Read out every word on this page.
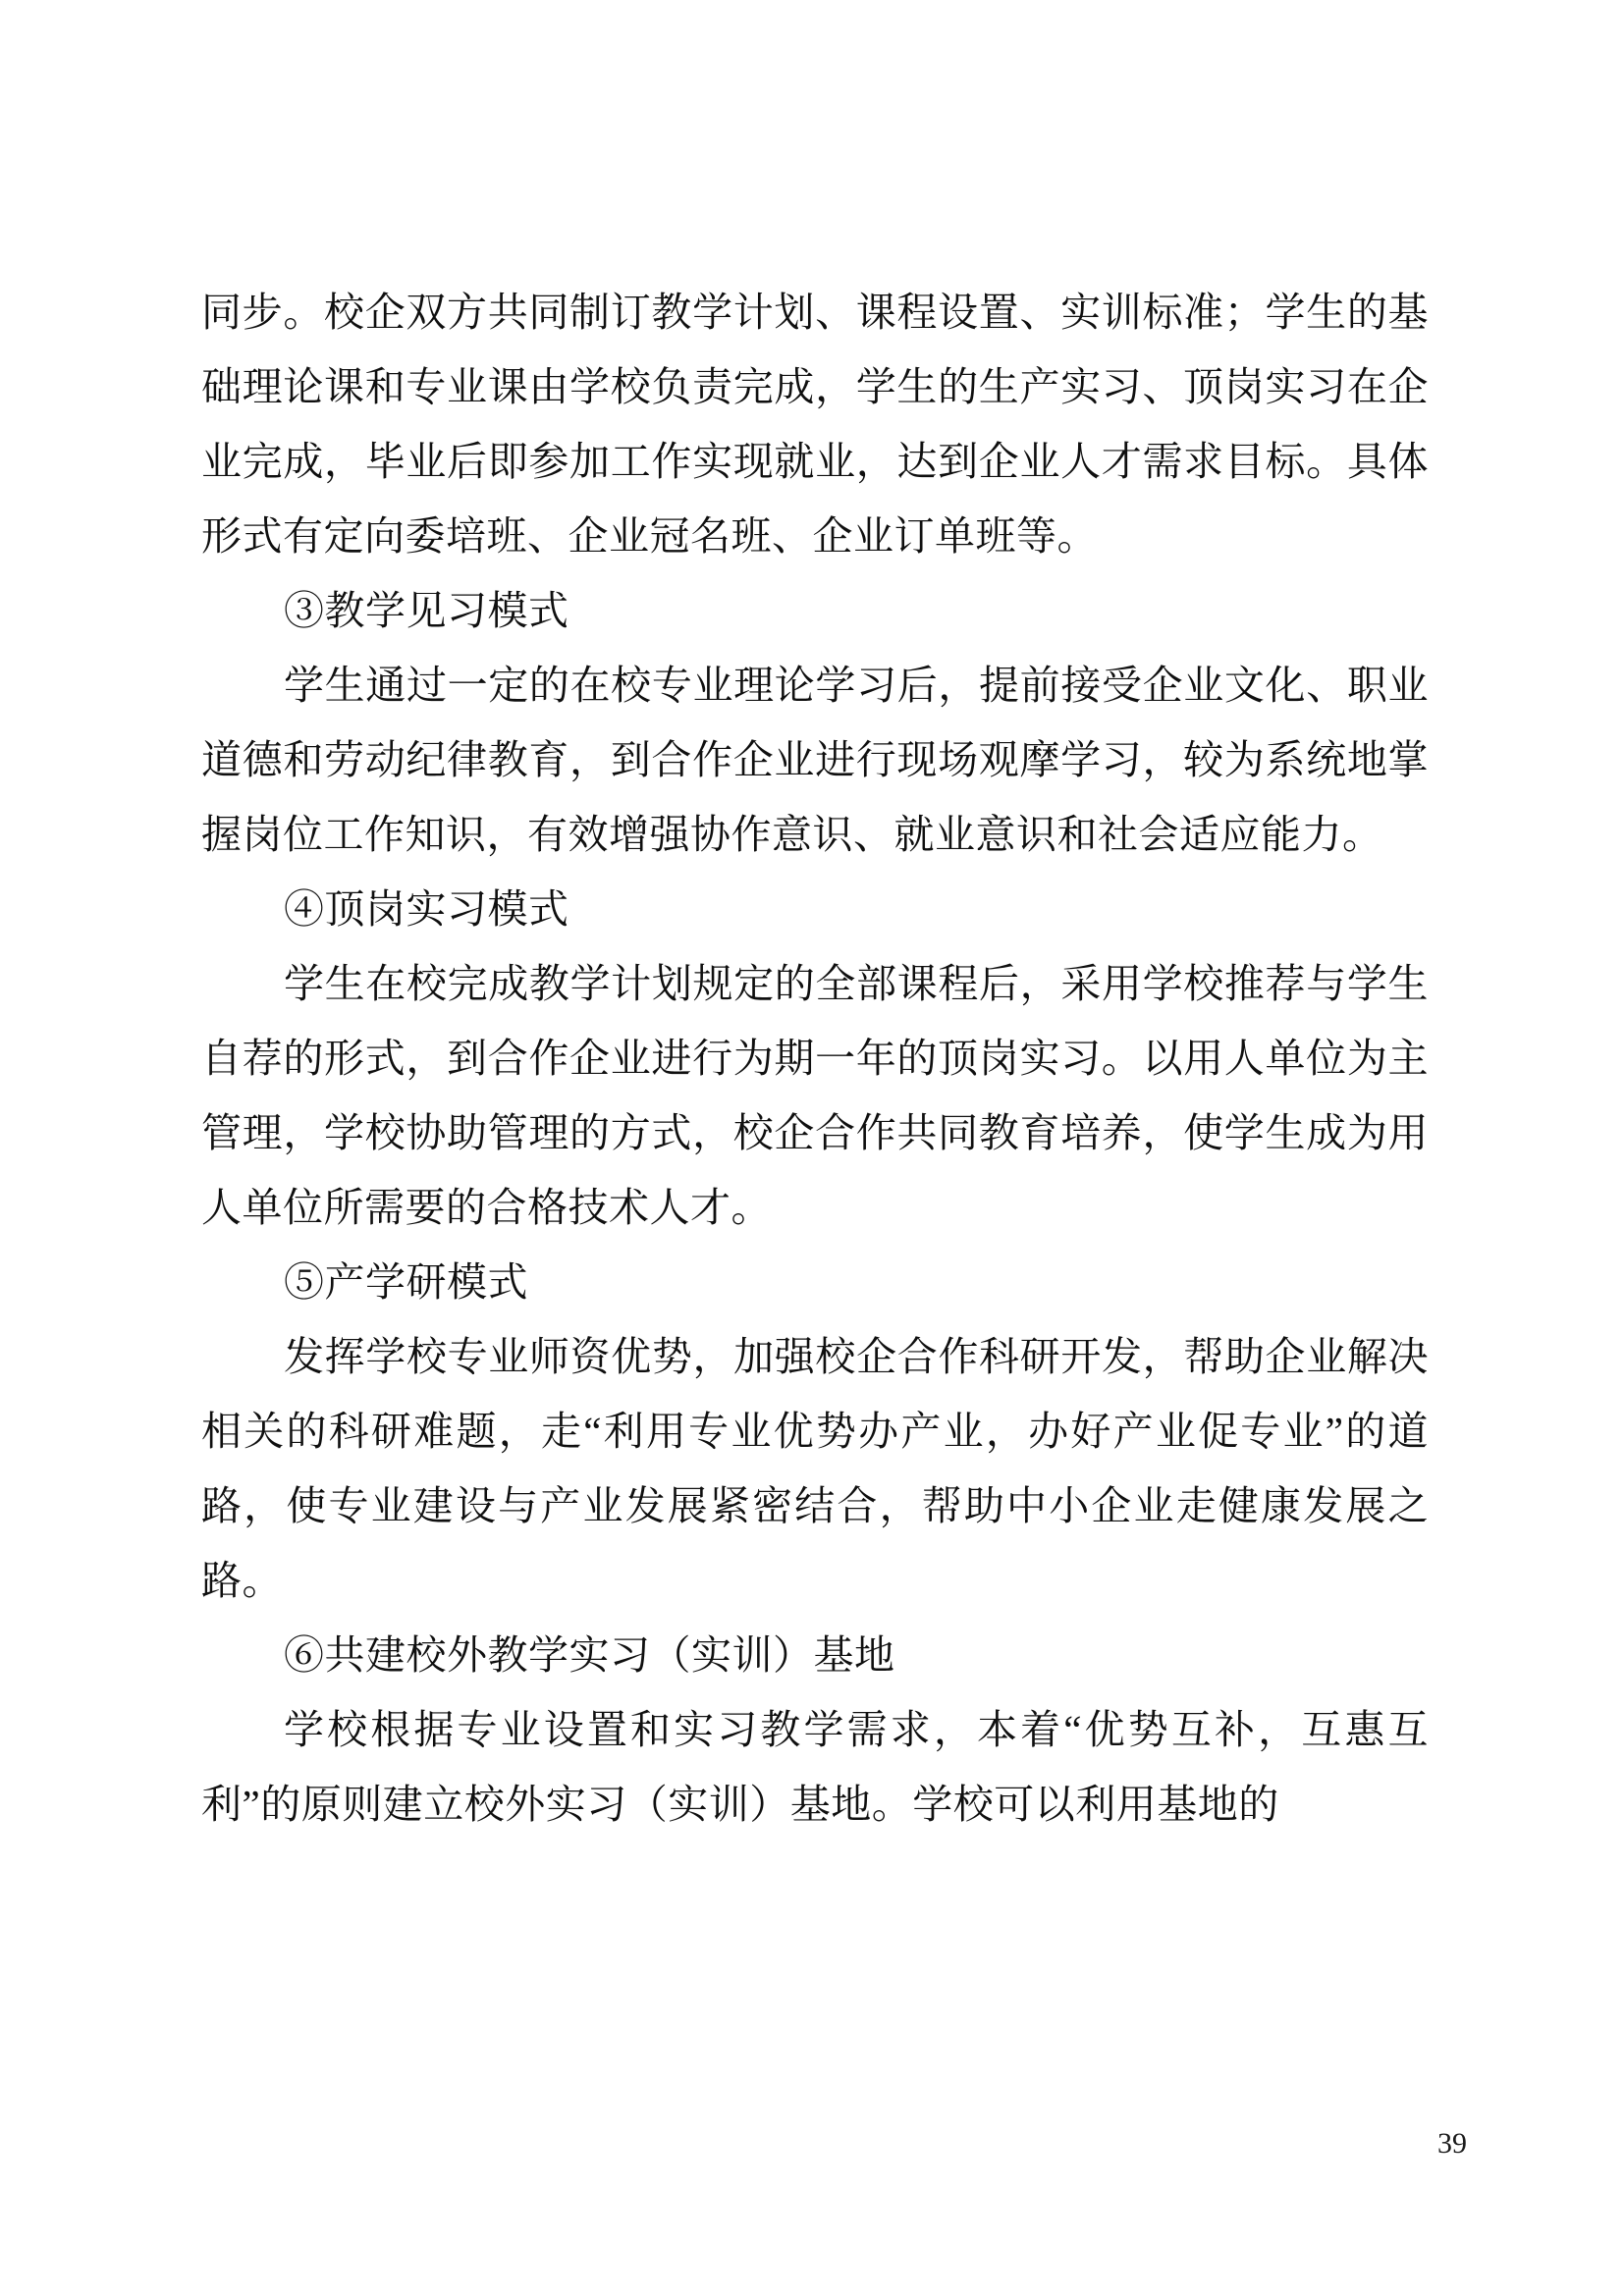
同步。校企双方共同制订教学计划、课程设置、实训标准；学生的基础理论课和专业课由学校负责完成，学生的生产实习、顶岗实习在企业完成，毕业后即参加工作实现就业，达到企业人才需求目标。具体形式有定向委培班、企业冠名班、企业订单班等。

③教学见习模式

学生通过一定的在校专业理论学习后，提前接受企业文化、职业道德和劳动纪律教育，到合作企业进行现场观摩学习，较为系统地掌握岗位工作知识，有效增强协作意识、就业意识和社会适应能力。

④顶岗实习模式

学生在校完成教学计划规定的全部课程后，采用学校推荐与学生自荐的形式，到合作企业进行为期一年的顶岗实习。以用人单位为主管理，学校协助管理的方式，校企合作共同教育培养，使学生成为用人单位所需要的合格技术人才。

⑤产学研模式

发挥学校专业师资优势，加强校企合作科研开发，帮助企业解决相关的科研难题，走“利用专业优势办产业，办好产业促专业”的道路，使专业建设与产业发展紧密结合，帮助中小企业走健康发展之路。

⑥共建校外教学实习（实训）基地

学校根据专业设置和实习教学需求，本着“优势互补，互惠互利”的原则建立校外实习（实训）基地。学校可以利用基地的

39
